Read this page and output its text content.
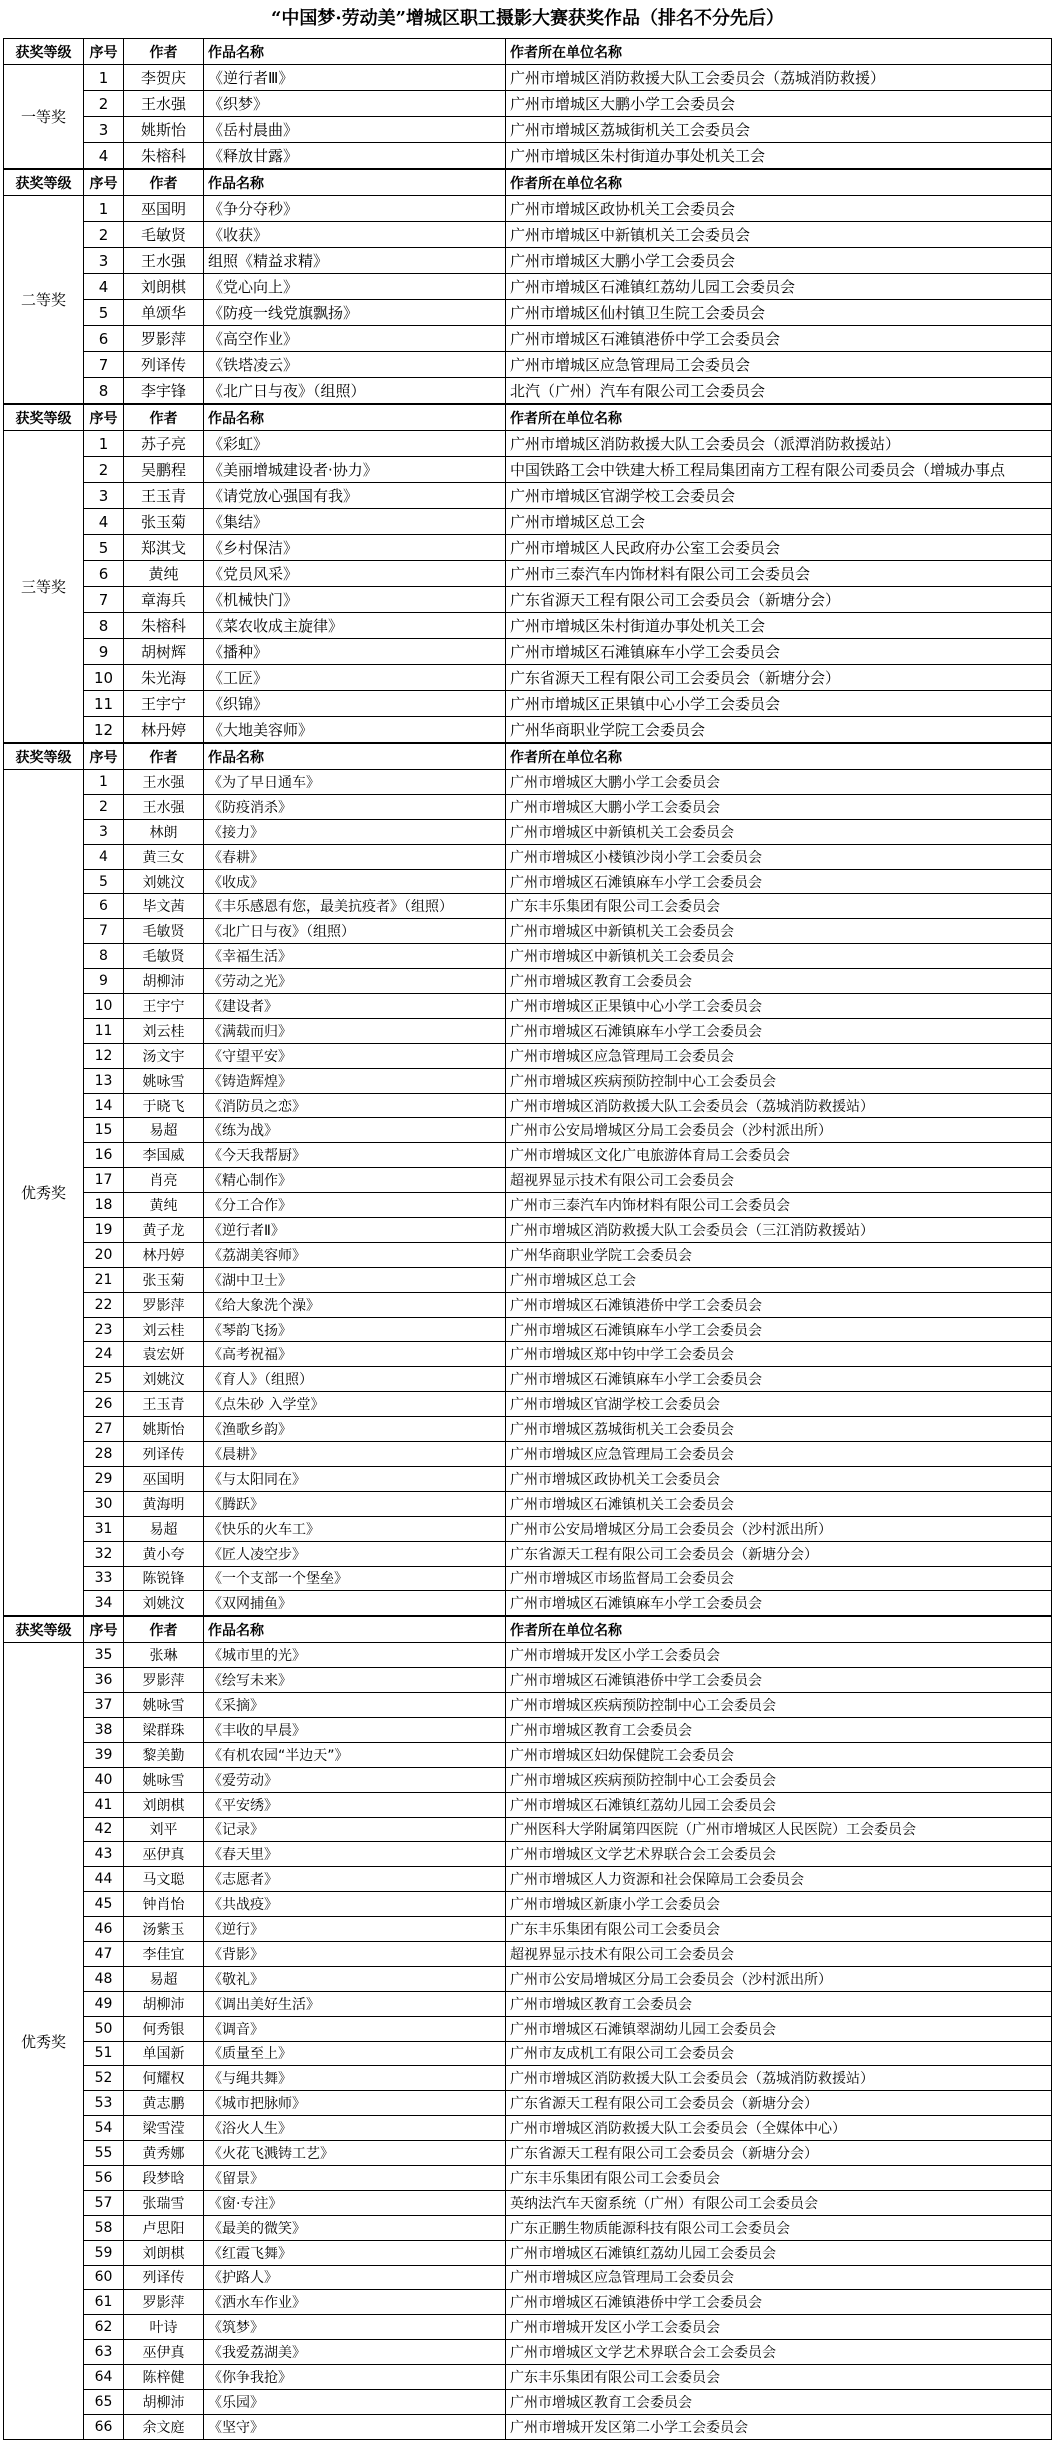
“中国梦·劳动美”增城区职工摄影大赛获奖作品（排名不分先后）
获奖等级	序号	作者	作品名称	作者所在单位名称
一等奖	1	李贺庆	《逆行者Ⅲ》	广州市增城区消防救援大队工会委员会（荔城消防救援）
	2	王水强	《织梦》	广州市增城区大鹏小学工会委员会
	3	姚斯怡	《岳村晨曲》	广州市增城区荔城街机关工会委员会
	4	朱榕科	《释放甘露》	广州市增城区朱村街道办事处机关工会
获奖等级	序号	作者	作品名称	作者所在单位名称
二等奖	1	巫国明	《争分夺秒》	广州市增城区政协机关工会委员会
	2	毛敏贤	《收获》	广州市增城区中新镇机关工会委员会
	3	王水强	组照《精益求精》	广州市增城区大鹏小学工会委员会
	4	刘朗棋	《党心向上》	广州市增城区石滩镇红荔幼儿园工会委员会
	5	单颂华	《防疫一线党旗飘扬》	广州市增城区仙村镇卫生院工会委员会
	6	罗影萍	《高空作业》	广州市增城区石滩镇港侨中学工会委员会
	7	列译传	《铁塔凌云》	广州市增城区应急管理局工会委员会
	8	李宇锋	《北广日与夜》（组照）	北汽（广州）汽车有限公司工会委员会
获奖等级	序号	作者	作品名称	作者所在单位名称
三等奖	1	苏子亮	《彩虹》	广州市增城区消防救援大队工会委员会（派潭消防救援站）
	2	吴鹏程	《美丽增城建设者·协力》	中国铁路工会中铁建大桥工程局集团南方工程有限公司委员会（增城办事点
	3	王玉青	《请党放心强国有我》	广州市增城区官湖学校工会委员会
	4	张玉菊	《集结》	广州市增城区总工会
	5	郑淇戈	《乡村保洁》	广州市增城区人民政府办公室工会委员会
	6	黄纯	《党员风采》	广州市三泰汽车内饰材料有限公司工会委员会
	7	章海兵	《机械快门》	广东省源天工程有限公司工会委员会（新塘分会）
	8	朱榕科	《菜农收成主旋律》	广州市增城区朱村街道办事处机关工会
	9	胡树辉	《播种》	广州市增城区石滩镇麻车小学工会委员会
	10	朱光海	《工匠》	广东省源天工程有限公司工会委员会（新塘分会）
	11	王宇宁	《织锦》	广州市增城区正果镇中心小学工会委员会
	12	林丹婷	《大地美容师》	广州华商职业学院工会委员会
获奖等级	序号	作者	作品名称	作者所在单位名称
优秀奖	1	王水强	《为了早日通车》	广州市增城区大鹏小学工会委员会
	2	王水强	《防疫消杀》	广州市增城区大鹏小学工会委员会
	3	林朗	《接力》	广州市增城区中新镇机关工会委员会
	4	黄三女	《春耕》	广州市增城区小楼镇沙岗小学工会委员会
	5	刘姚汶	《收成》	广州市增城区石滩镇麻车小学工会委员会
	6	毕文茜	《丰乐感恩有您，最美抗疫者》（组照）	广东丰乐集团有限公司工会委员会
	7	毛敏贤	《北广日与夜》（组照）	广州市增城区中新镇机关工会委员会
	8	毛敏贤	《幸福生活》	广州市增城区中新镇机关工会委员会
	9	胡柳沛	《劳动之光》	广州市增城区教育工会委员会
	10	王宇宁	《建设者》	广州市增城区正果镇中心小学工会委员会
	11	刘云桂	《满载而归》	广州市增城区石滩镇麻车小学工会委员会
	12	汤文宇	《守望平安》	广州市增城区应急管理局工会委员会
	13	姚咏雪	《铸造辉煌》	广州市增城区疾病预防控制中心工会委员会
	14	于晓飞	《消防员之恋》	广州市增城区消防救援大队工会委员会（荔城消防救援站）
	15	易超	《练为战》	广州市公安局增城区分局工会委员会（沙村派出所）
	16	李国威	《今天我帮厨》	广州市增城区文化广电旅游体育局工会委员会
	17	肖亮	《精心制作》	超视界显示技术有限公司工会委员会
	18	黄纯	《分工合作》	广州市三泰汽车内饰材料有限公司工会委员会
	19	黄子龙	《逆行者Ⅱ》	广州市增城区消防救援大队工会委员会（三江消防救援站）
	20	林丹婷	《荔湖美容师》	广州华商职业学院工会委员会
	21	张玉菊	《湖中卫士》	广州市增城区总工会
	22	罗影萍	《给大象洗个澡》	广州市增城区石滩镇港侨中学工会委员会
	23	刘云桂	《琴韵飞扬》	广州市增城区石滩镇麻车小学工会委员会
	24	袁宏妍	《高考祝福》	广州市增城区郑中钧中学工会委员会
	25	刘姚汶	《育人》（组照）	广州市增城区石滩镇麻车小学工会委员会
	26	王玉青	《点朱砂 入学堂》	广州市增城区官湖学校工会委员会
	27	姚斯怡	《渔歌乡韵》	广州市增城区荔城街机关工会委员会
	28	列译传	《晨耕》	广州市增城区应急管理局工会委员会
	29	巫国明	《与太阳同在》	广州市增城区政协机关工会委员会
	30	黄海明	《腾跃》	广州市增城区石滩镇机关工会委员会
	31	易超	《快乐的火车工》	广州市公安局增城区分局工会委员会（沙村派出所）
	32	黄小夸	《匠人凌空步》	广东省源天工程有限公司工会委员会（新塘分会）
	33	陈锐锋	《一个支部一个堡垒》	广州市增城区市场监督局工会委员会
	34	刘姚汶	《双网捕鱼》	广州市增城区石滩镇麻车小学工会委员会
获奖等级	序号	作者	作品名称	作者所在单位名称
优秀奖	35	张琳	《城市里的光》	广州市增城开发区小学工会委员会
	36	罗影萍	《绘写未来》	广州市增城区石滩镇港侨中学工会委员会
	37	姚咏雪	《采摘》	广州市增城区疾病预防控制中心工会委员会
	38	梁群珠	《丰收的早晨》	广州市增城区教育工会委员会
	39	黎美勤	《有机农园“半边天”》	广州市增城区妇幼保健院工会委员会
	40	姚咏雪	《爱劳动》	广州市增城区疾病预防控制中心工会委员会
	41	刘朗棋	《平安绣》	广州市增城区石滩镇红荔幼儿园工会委员会
	42	刘平	《记录》	广州医科大学附属第四医院（广州市增城区人民医院）工会委员会
	43	巫伊真	《春天里》	广州市增城区文学艺术界联合会工会委员会
	44	马文聪	《志愿者》	广州市增城区人力资源和社会保障局工会委员会
	45	钟肖怡	《共战疫》	广州市增城区新康小学工会委员会
	46	汤紫玉	《逆行》	广东丰乐集团有限公司工会委员会
	47	李佳宜	《背影》	超视界显示技术有限公司工会委员会
	48	易超	《敬礼》	广州市公安局增城区分局工会委员会（沙村派出所）
	49	胡柳沛	《调出美好生活》	广州市增城区教育工会委员会
	50	何秀银	《调音》	广州市增城区石滩镇翠湖幼儿园工会委员会
	51	单国新	《质量至上》	广州市友成机工有限公司工会委员会
	52	何耀权	《与绳共舞》	广州市增城区消防救援大队工会委员会（荔城消防救援站）
	53	黄志鹏	《城市把脉师》	广东省源天工程有限公司工会委员会（新塘分会）
	54	梁雪滢	《浴火人生》	广州市增城区消防救援大队工会委员会（全媒体中心）
	55	黄秀娜	《火花飞溅铸工艺》	广东省源天工程有限公司工会委员会（新塘分会）
	56	段梦晗	《留景》	广东丰乐集团有限公司工会委员会
	57	张瑞雪	《窗·专注》	英纳法汽车天窗系统（广州）有限公司工会委员会
	58	卢思阳	《最美的微笑》	广东正鹏生物质能源科技有限公司工会委员会
	59	刘朗棋	《红霞飞舞》	广州市增城区石滩镇红荔幼儿园工会委员会
	60	列译传	《护路人》	广州市增城区应急管理局工会委员会
	61	罗影萍	《洒水车作业》	广州市增城区石滩镇港侨中学工会委员会
	62	叶诗	《筑梦》	广州市增城开发区小学工会委员会
	63	巫伊真	《我爱荔湖美》	广州市增城区文学艺术界联合会工会委员会
	64	陈梓健	《你争我抢》	广东丰乐集团有限公司工会委员会
	65	胡柳沛	《乐园》	广州市增城区教育工会委员会
	66	余文庭	《坚守》	广州市增城开发区第二小学工会委员会
